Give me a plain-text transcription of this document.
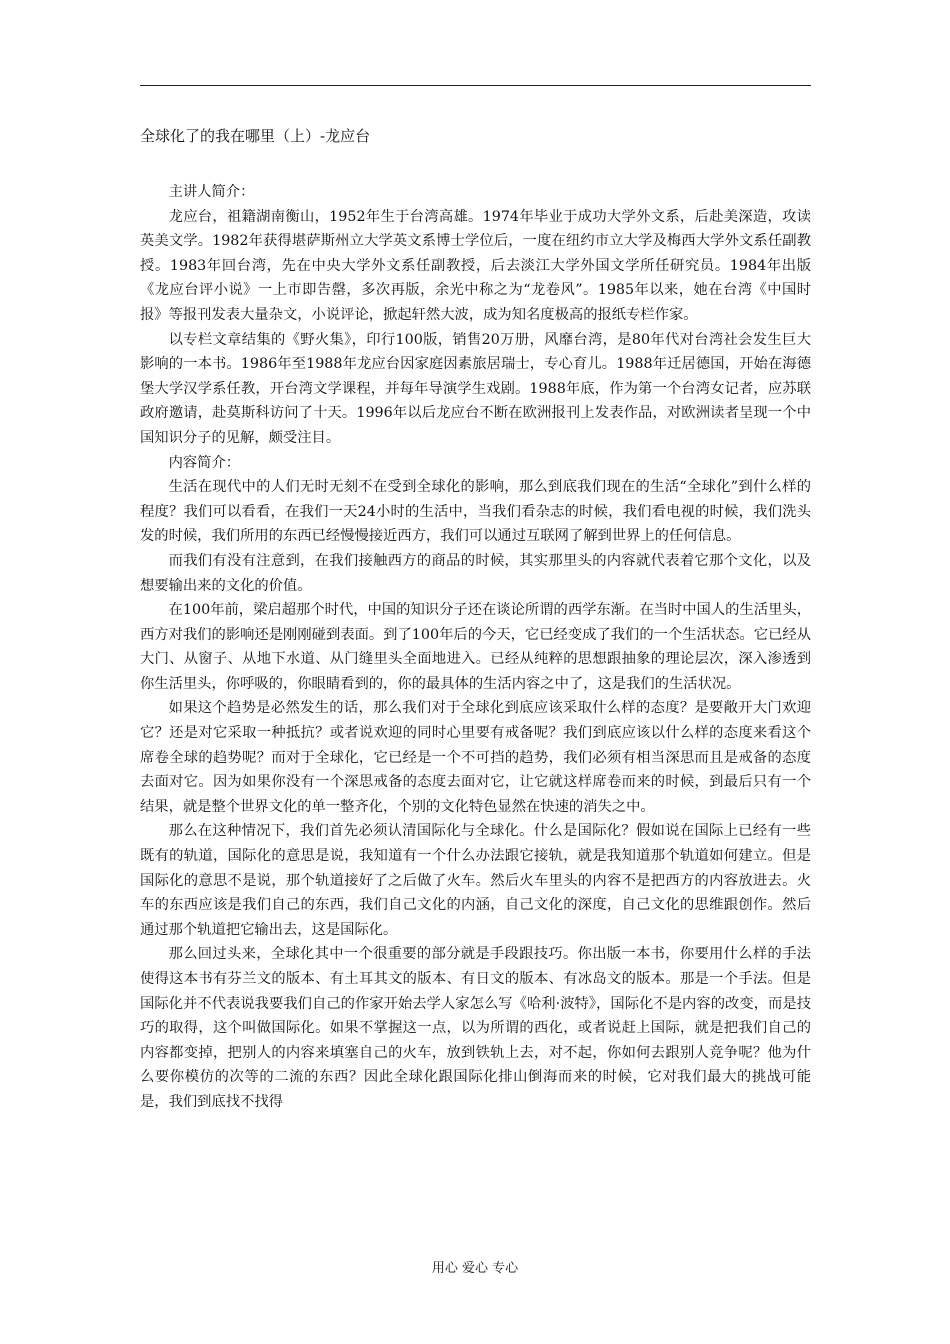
全球化了的我在哪里（上）-龙应台

主讲人简介：

龙应台，祖籍湖南衡山，1952年生于台湾高雄。1974年毕业于成功大学外文系，后赴美深造，攻读英美文学。1982年获得堪萨斯州立大学英文系博士学位后，一度在纽约市立大学及梅西大学外文系任副教授。1983年回台湾，先在中央大学外文系任副教授，后去淡江大学外国文学所任研究员。1984年出版《龙应台评小说》一上市即告罄，多次再版，余光中称之为“龙卷风”。1985年以来，她在台湾《中国时报》等报刊发表大量杂文，小说评论，掀起轩然大波，成为知名度极高的报纸专栏作家。

以专栏文章结集的《野火集》，印行100版，销售20万册，风靡台湾，是80年代对台湾社会发生巨大影响的一本书。1986年至1988年龙应台因家庭因素旅居瑞士，专心育儿。1988年迁居德国，开始在海德堡大学汉学系任教，开台湾文学课程，并每年导演学生戏剧。1988年底，作为第一个台湾女记者，应苏联政府邀请，赴莫斯科访问了十天。1996年以后龙应台不断在欧洲报刊上发表作品，对欧洲读者呈现一个中国知识分子的见解，颇受注目。

内容简介：

生活在现代中的人们无时无刻不在受到全球化的影响，那么到底我们现在的生活“全球化”到什么样的程度？我们可以看看，在我们一天24小时的生活中，当我们看杂志的时候，我们看电视的时候，我们洗头发的时候，我们所用的东西已经慢慢接近西方，我们可以通过互联网了解到世界上的任何信息。

而我们有没有注意到，在我们接触西方的商品的时候，其实那里头的内容就代表着它那个文化，以及想要输出来的文化的价值。

在100年前，梁启超那个时代，中国的知识分子还在谈论所谓的西学东渐。在当时中国人的生活里头，西方对我们的影响还是刚刚碰到表面。到了100年后的今天，它已经变成了我们的一个生活状态。它已经从大门、从窗子、从地下水道、从门缝里头全面地进入。已经从纯粹的思想跟抽象的理论层次，深入渗透到你生活里头，你呼吸的，你眼睛看到的，你的最具体的生活内容之中了，这是我们的生活状况。

如果这个趋势是必然发生的话，那么我们对于全球化到底应该采取什么样的态度？是要敞开大门欢迎它？还是对它采取一种抵抗？或者说欢迎的同时心里要有戒备呢？我们到底应该以什么样的态度来看这个席卷全球的趋势呢？而对于全球化，它已经是一个不可挡的趋势，我们必须有相当深思而且是戒备的态度去面对它。因为如果你没有一个深思戒备的态度去面对它，让它就这样席卷而来的时候，到最后只有一个结果，就是整个世界文化的单一整齐化，个别的文化特色显然在快速的消失之中。

那么在这种情况下，我们首先必须认清国际化与全球化。什么是国际化？假如说在国际上已经有一些既有的轨道，国际化的意思是说，我知道有一个什么办法跟它接轨，就是我知道那个轨道如何建立。但是国际化的意思不是说，那个轨道接好了之后做了火车。然后火车里头的内容不是把西方的内容放进去。火车的东西应该是我们自己的东西，我们自己文化的内涵，自己文化的深度，自己文化的思维跟创作。然后通过那个轨道把它输出去，这是国际化。

那么回过头来，全球化其中一个很重要的部分就是手段跟技巧。你出版一本书，你要用什么样的手法使得这本书有芬兰文的版本、有土耳其文的版本、有日文的版本、有冰岛文的版本。那是一个手法。但是国际化并不代表说我要我们自己的作家开始去学人家怎么写《哈利·波特》，国际化不是内容的改变，而是技巧的取得，这个叫做国际化。如果不掌握这一点，以为所谓的西化，或者说赶上国际，就是把我们自己的内容都变掉，把别人的内容来填塞自己的火车，放到铁轨上去，对不起，你如何去跟别人竞争呢？他为什么要你模仿的次等的二流的东西？因此全球化跟国际化排山倒海而来的时候，它对我们最大的挑战可能是，我们到底找不找得

用心 爱心 专心
